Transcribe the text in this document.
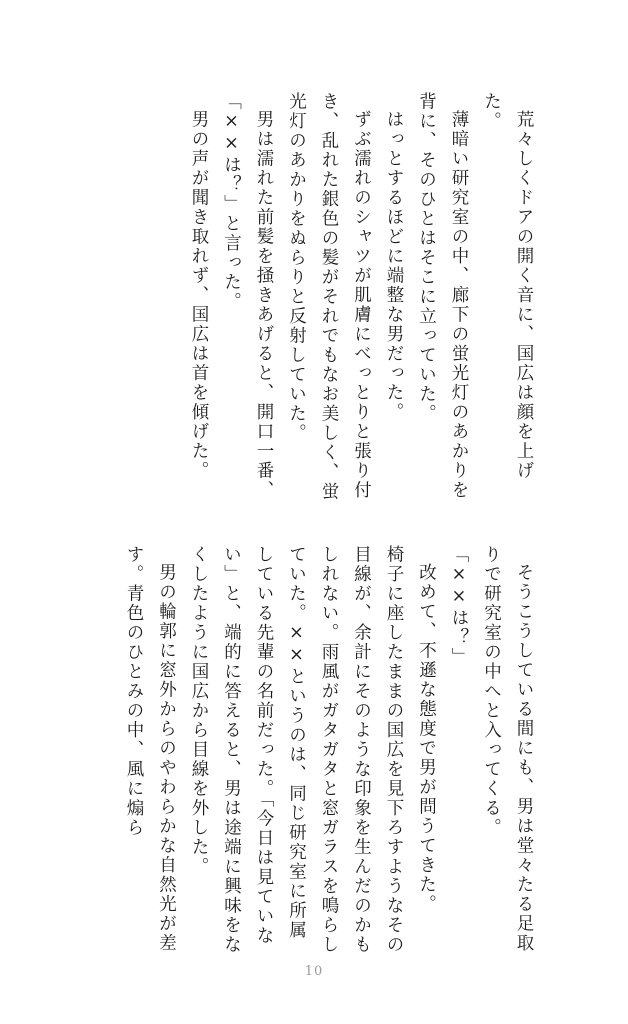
荒々しくドアの開く音に、国広は顔を上げた。

薄暗い研究室の中、廊下の蛍光灯のあかりを背に、そのひとはそこに立っていた。

はっとするほどに端整な男だった。

ずぶ濡れのシャツが肌膚にべっとりと張り付き、乱れた銀色の髪がそれでもなお美しく、蛍光灯のあかりをぬらりと反射していた。

男は濡れた前髪を掻きあげると、開口一番、「××は？」と言った。

男の声が聞き取れず、国広は首を傾げた。

そうこうしている間にも、男は堂々たる足取りで研究室の中へと入ってくる。

「××は？」

改めて、不遜な態度で男が問うてきた。

椅子に座したままの国広を見下ろすようなその目線が、余計にそのような印象を生んだのかもしれない。雨風がガタガタと窓ガラスを鳴らしていた。××というのは、同じ研究室に所属している先輩の名前だった。「今日は見ていない」と、端的に答えると、男は途端に興味をなくしたように国広から目線を外した。

男の輪郭に窓外からのやわらかな自然光が差す。青色のひとみの中、風に煽ら

10
